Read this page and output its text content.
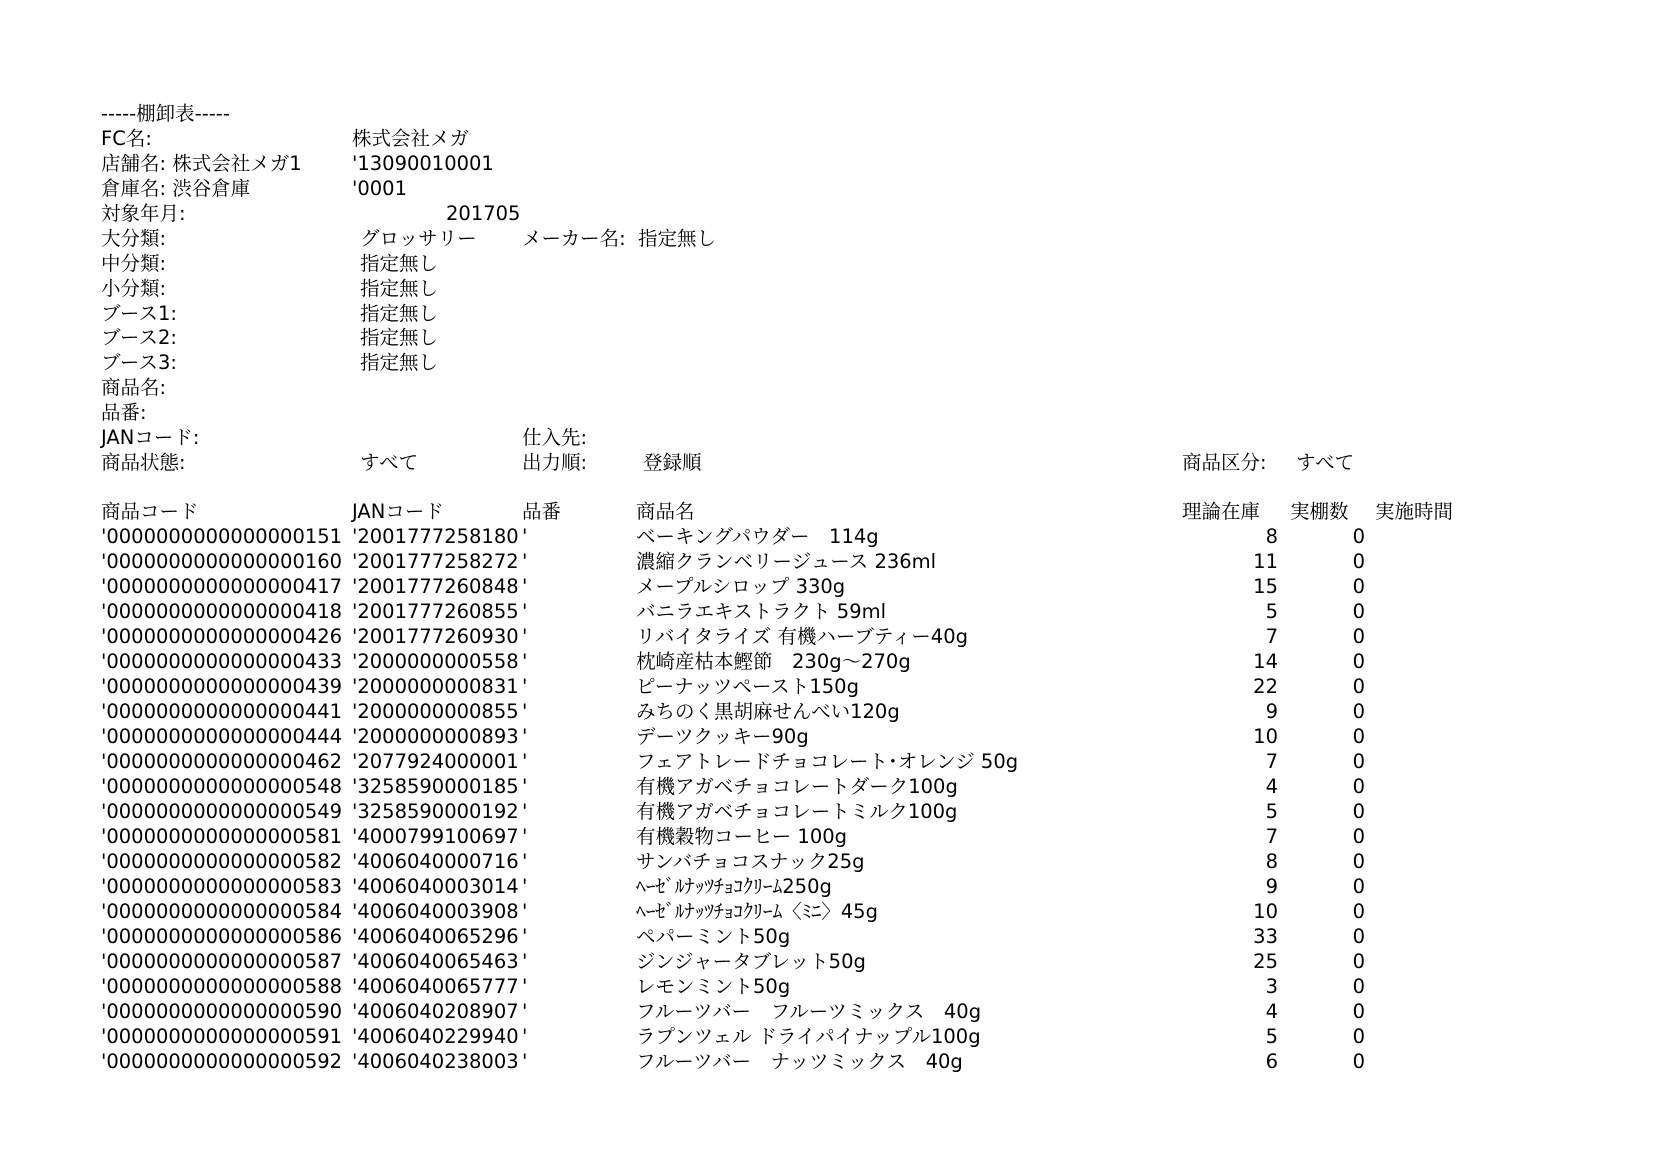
-----棚卸表-----
FC名:	株式会社メガ
店舗名: 株式会社メガ1	'13090010001
倉庫名: 渋谷倉庫	'0001
対象年月:	201705
大分類:	グロッサリー メーカー名: 指定無し
中分類:	指定無し
小分類:	指定無し
ブース1:	指定無し
ブース2:	指定無し
ブース3:	指定無し
商品名:
品番:
JANコード:	仕入先:
商品状態:	すべて	出力順:	登録順	商品区分: すべて
商品コード	JANコード	品番	商品名	理論在庫 実棚数 実施時間
'0000000000000000151 '2001777258180 '	ベーキングパウダー　114g	8	0
'0000000000000000160 '2001777258272 '	濃縮クランベリージュース 236ml	11	0
'0000000000000000417 '2001777260848 '	メープルシロップ 330g	15	0
'0000000000000000418 '2001777260855 '	バニラエキストラクト 59ml	5	0
'0000000000000000426 '2001777260930 '	リバイタライズ 有機ハーブティー40g	7	0
'0000000000000000433 '2000000000558 '	枕崎産枯本鰹節　230g～270g	14	0
'0000000000000000439 '2000000000831 '	ピーナッツペースト150g	22	0
'0000000000000000441 '2000000000855 '	みちのく黒胡麻せんべい120g	9	0
'0000000000000000444 '2000000000893 '	デーツクッキー90g	10	0
'0000000000000000462 '2077924000001 '	フェアトレードチョコレート･オレンジ 50g	7	0
'0000000000000000548 '3258590000185 '	有機アガベチョコレートダーク100g	4	0
'0000000000000000549 '3258590000192 '	有機アガベチョコレートミルク100g	5	0
'0000000000000000581 '4000799100697 '	有機穀物コーヒー 100g	7	0
'0000000000000000582 '4006040000716 '	サンバチョコスナック25g	8	0
'0000000000000000583 '4006040003014 '	ﾍｰｾﾞﾙﾅｯﾂﾁｮｺｸﾘｰﾑ250g	9	0
'0000000000000000584 '4006040003908 '	ﾍｰｾﾞﾙﾅｯﾂﾁｮｺｸﾘｰﾑ〈ﾐﾆ〉45g	10	0
'0000000000000000586 '4006040065296 '	ペパーミント50g	33	0
'0000000000000000587 '4006040065463 '	ジンジャータブレット50g	25	0
'0000000000000000588 '4006040065777 '	レモンミント50g	3	0
'0000000000000000590 '4006040208907 '	フルーツバー　フルーツミックス　40g	4	0
'0000000000000000591 '4006040229940 '	ラプンツェル ドライパイナップル100g	5	0
'0000000000000000592 '4006040238003 '	フルーツバー　ナッツミックス　40g	6	0
